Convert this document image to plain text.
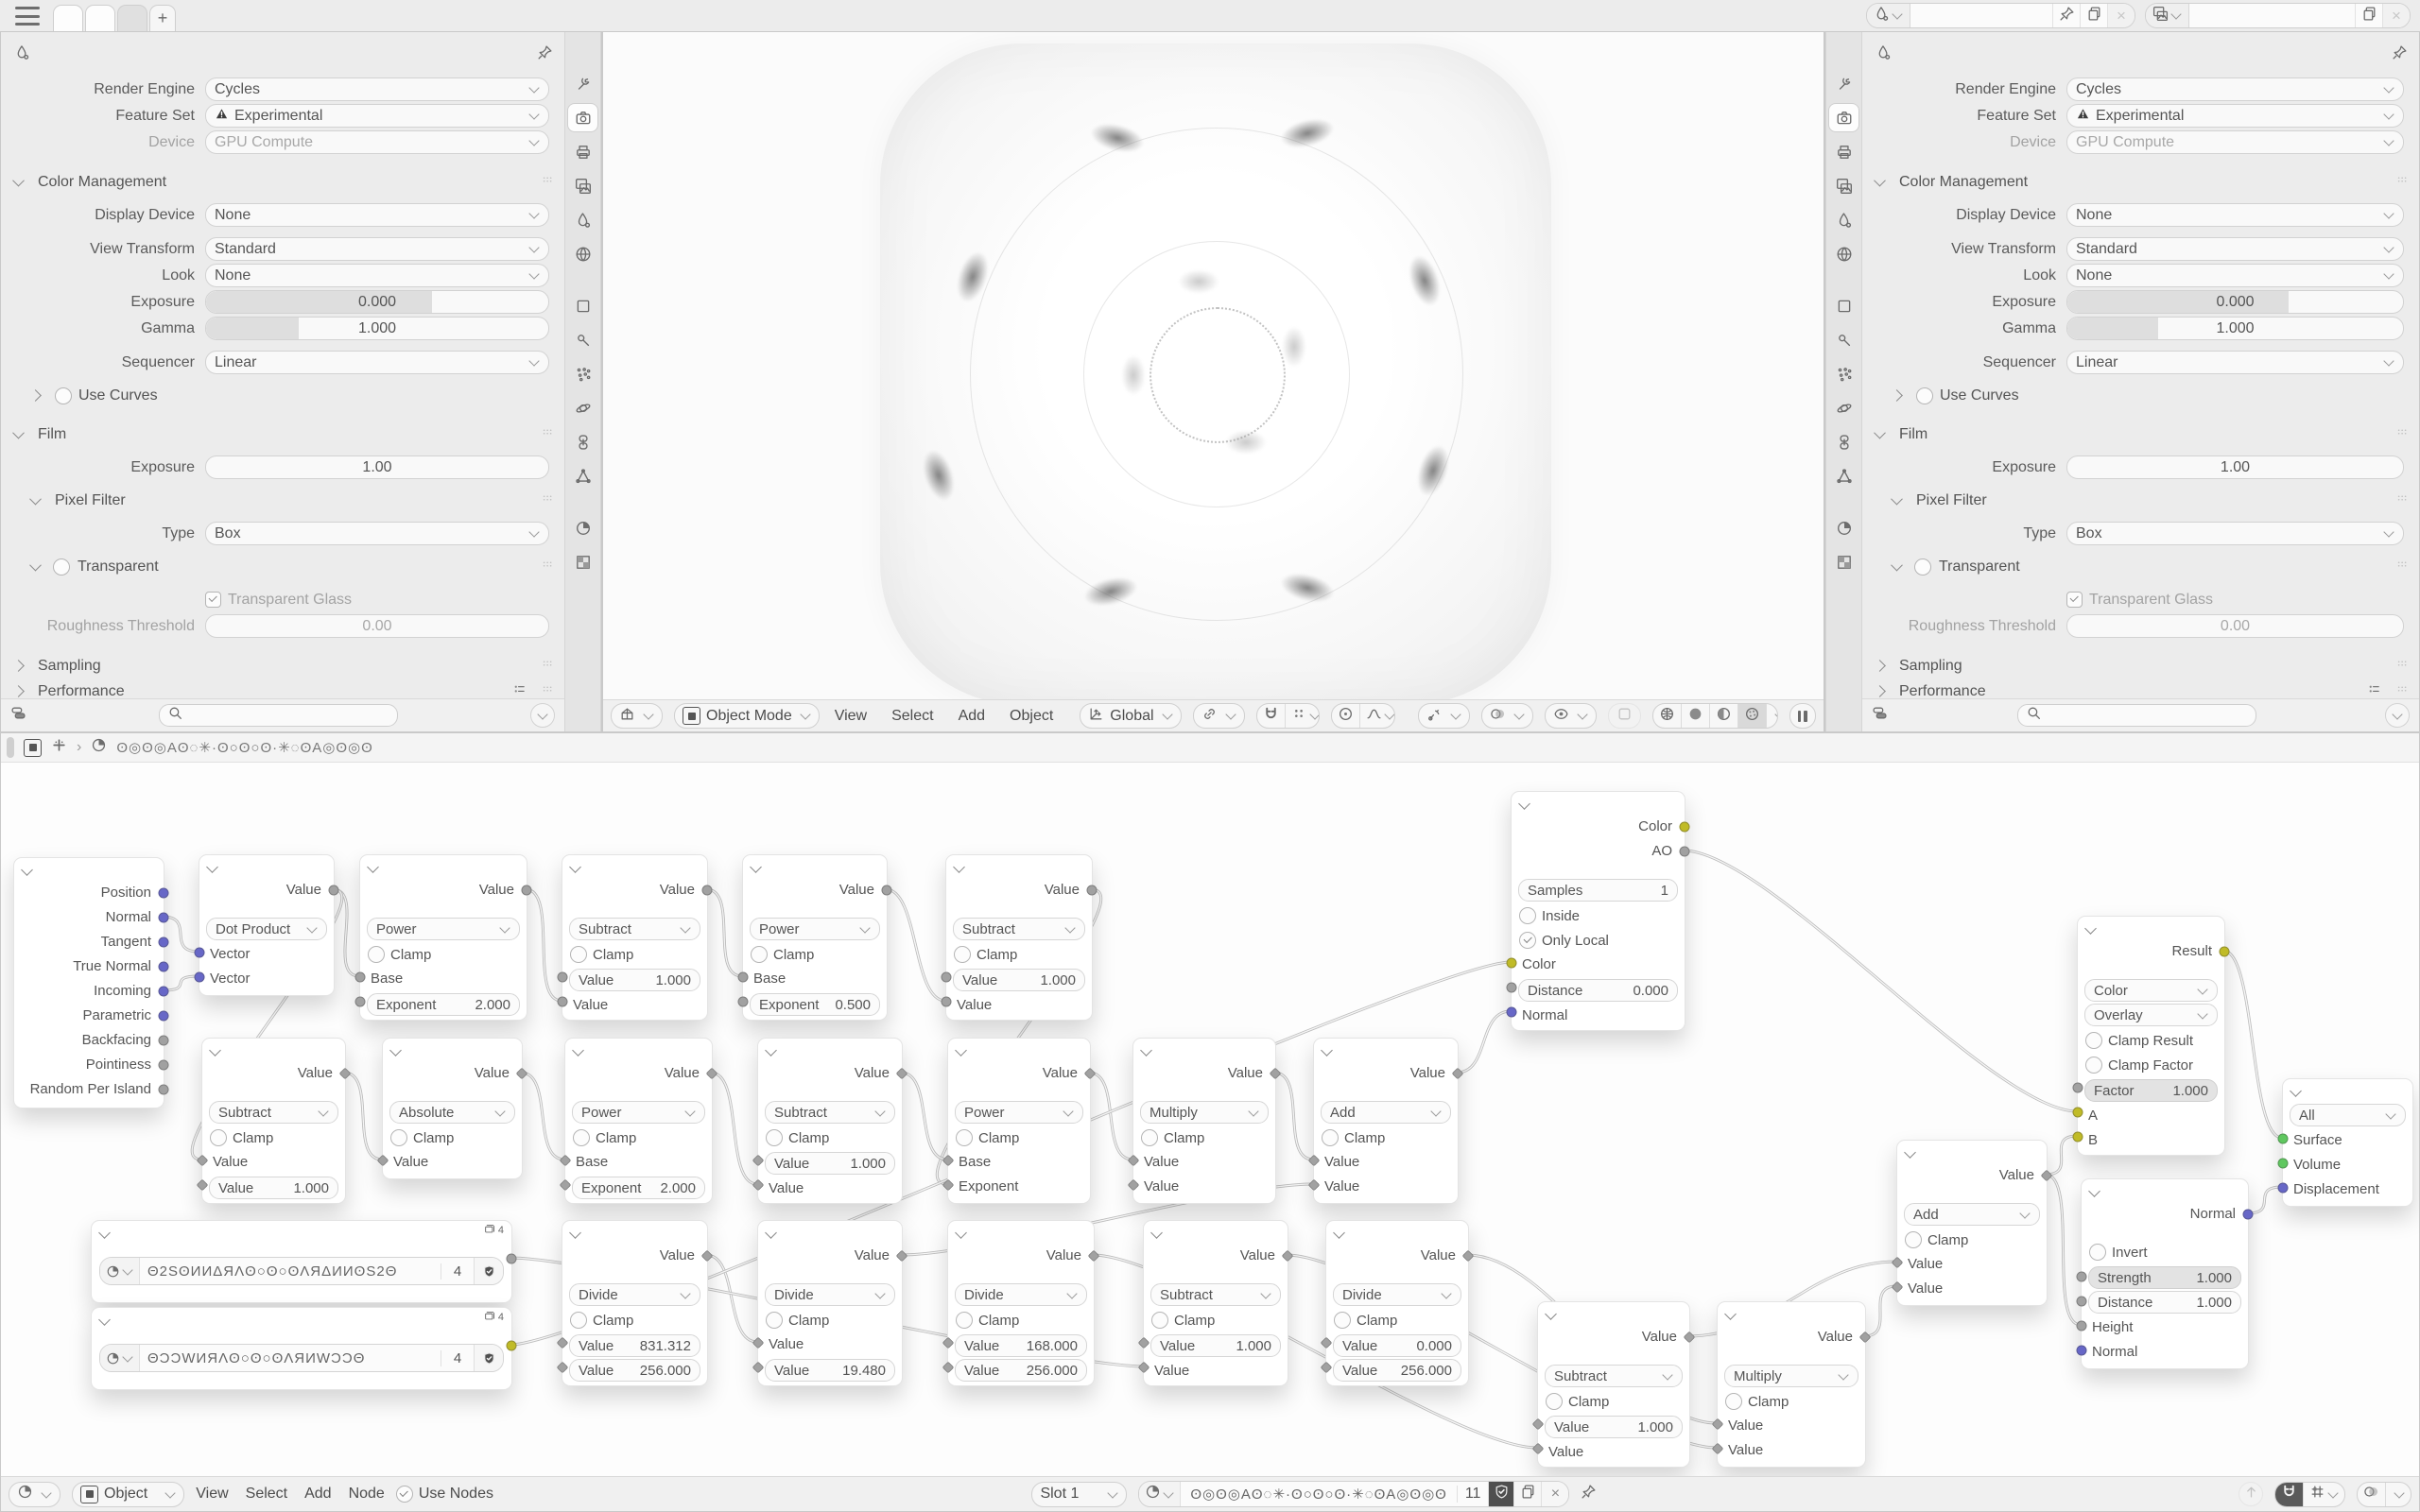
+	×	×
Render Engine	Cycles
Feature Set	Experimental
Device	GPU Compute
Color Management
Display Device	None
View Transform	Standard
Look	None
Exposure	0.000
Gamma	1.000
Sequencer	Linear
Use Curves
Film
Exposure	1.00
Pixel Filter
Type	Box
Transparent
Transparent Glass
Roughness Threshold	0.00
Sampling
Performance
Object Mode	View Select Add Object	Global
Render Engine	Cycles
Feature Set	Experimental
Device	GPU Compute
Color Management
Display Device	None
View Transform	Standard
Look	None
Exposure	0.000
Gamma	1.000
Sequencer	Linear
Use Curves
Film
Exposure	1.00
Pixel Filter
Type	Box
Transparent
Transparent Glass
Roughness Threshold	0.00
Sampling
Performance
› ʘ◎ʘ◎Aʘ◌✳·ʘ○ʘ○ʘ·✳◌ʘA◎ʘ◎ʘ
Position
Normal
Tangent
True Normal
Incoming
Parametric
Backfacing
Pointiness
Random Per Island
Value
Dot Product
Vector
Vector
Value
Power
Clamp
Base
Exponent	2.000
Value
Subtract
Clamp
Value	1.000
Value
Value
Power
Clamp
Base
Exponent 0.500
Value
Subtract
Clamp
Value	1.000
Value
Value
Subtract
Clamp
Value
Value	1.000
Value
Absolute
Clamp
Value
Value
Power
Clamp
Base
Exponent 2.000
Value
Subtract
Clamp
Value	1.000
Value
Value
Power
Clamp
Base
Exponent
Value
Multiply
Clamp
Value
Value
Value
Add
Clamp
Value
Value
Color
AO
Samples	1
Inside
Only Local
Color
Distance	0.000
Normal
4
Θ2SʘИИΔЯΛʘ○ʘ○ʘΛЯΔИИʘS2Θ	4
4
ΘƆƆWИЯΛʘ○ʘ○ʘΛЯИWƆƆΘ	4
Value
Divide
Clamp
Value 831.312
Value 256.000
Value
Divide
Clamp
Value
Value 19.480
Value
Divide
Clamp
Value 168.000
Value 256.000
Value
Subtract
Clamp
Value	1.000
Value
Value
Divide
Clamp
Value	0.000
Value 256.000
Value
Subtract
Clamp
Value	1.000
Value
Value
Multiply
Clamp
Value
Value
Value
Add
Clamp
Value
Value
Result
Color
Overlay
Clamp Result
Clamp Factor
Factor	1.000
A
B
Normal
Invert
Strength	1.000
Distance	1.000
Height
Normal
All
Surface
Volume
Displacement
Object	View Select Add Node Use Nodes	Slot 1	ʘ◎ʘ◎Aʘ◌✳·ʘ○ʘ○ʘ·✳◌ʘA◎ʘ◎ʘ	11	×
